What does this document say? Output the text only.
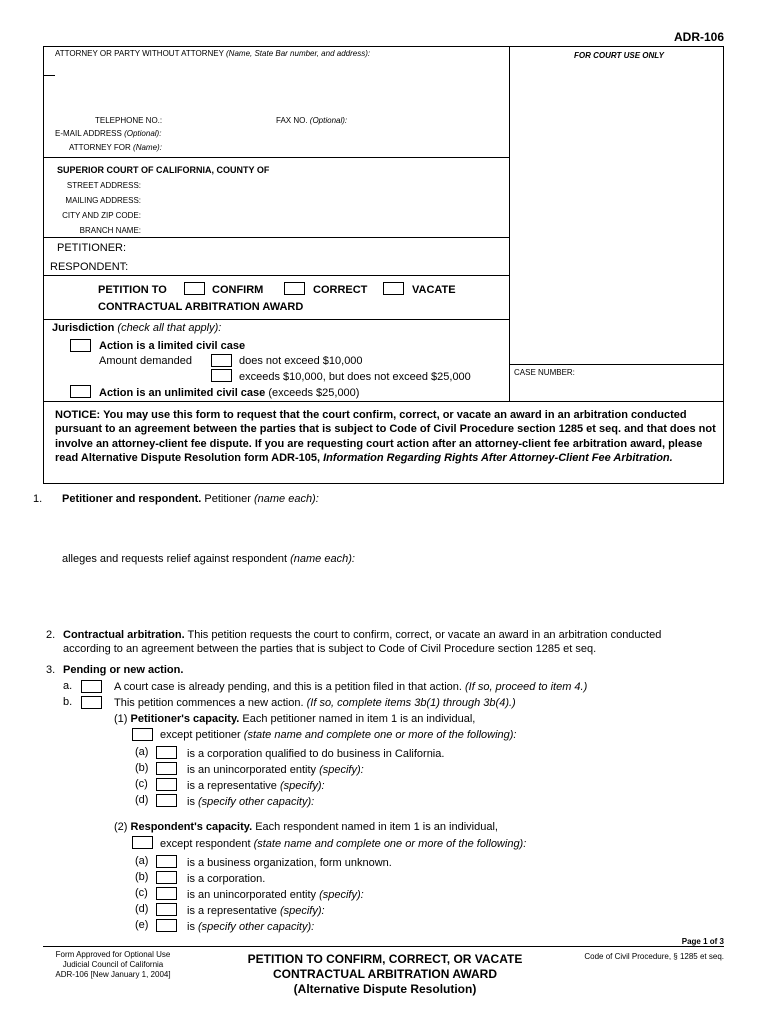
ADR-106
ATTORNEY OR PARTY WITHOUT ATTORNEY (Name, State Bar number, and address):	FOR COURT USE ONLY
TELEPHONE NO.:	FAX NO. (Optional):
E-MAIL ADDRESS (Optional):
ATTORNEY FOR (Name):
SUPERIOR COURT OF CALIFORNIA, COUNTY OF
STREET ADDRESS:
MAILING ADDRESS:
CITY AND ZIP CODE:
BRANCH NAME:
PETITIONER:
RESPONDENT:
PETITION TO	CONFIRM	CORRECT	VACATE
CONTRACTUAL ARBITRATION AWARD
Jurisdiction (check all that apply):
Action is a limited civil case
Amount demanded	does not exceed $10,000
exceeds $10,000, but does not exceed $25,000
Action is an unlimited civil case (exceeds $25,000)
CASE NUMBER:
NOTICE: You may use this form to request that the court confirm, correct, or vacate an award in an arbitration conducted pursuant to an agreement between the parties that is subject to Code of Civil Procedure section 1285 et seq. and that does not involve an attorney-client fee dispute. If you are requesting court action after an attorney-client fee arbitration award, please read Alternative Dispute Resolution form ADR-105, Information Regarding Rights After Attorney-Client Fee Arbitration.
1. Petitioner and respondent. Petitioner (name each):
alleges and requests relief against respondent (name each):
2. Contractual arbitration. This petition requests the court to confirm, correct, or vacate an award in an arbitration conducted
according to an agreement between the parties that is subject to Code of Civil Procedure section 1285 et seq.
3. Pending or new action.
a.	A court case is already pending, and this is a petition filed in that action. (If so, proceed to item 4.)
b.	This petition commences a new action. (If so, complete items 3b(1) through 3b(4).)
(1) Petitioner's capacity. Each petitioner named in item 1 is an individual,
except petitioner (state name and complete one or more of the following):
(a)	is a corporation qualified to do business in California.
(b)	is an unincorporated entity (specify):
(c)	is a representative (specify):
(d)	is (specify other capacity):
(2) Respondent's capacity. Each respondent named in item 1 is an individual,
except respondent (state name and complete one or more of the following):
(a)	is a business organization, form unknown.
(b)	is a corporation.
(c)	is an unincorporated entity (specify):
(d)	is a representative (specify):
(e)	is (specify other capacity):
Page 1 of 3
Form Approved for Optional Use
Judicial Council of California
ADR-106 [New January 1, 2004]
PETITION TO CONFIRM, CORRECT, OR VACATE
CONTRACTUAL ARBITRATION AWARD
(Alternative Dispute Resolution)
Code of Civil Procedure, § 1285 et seq.
